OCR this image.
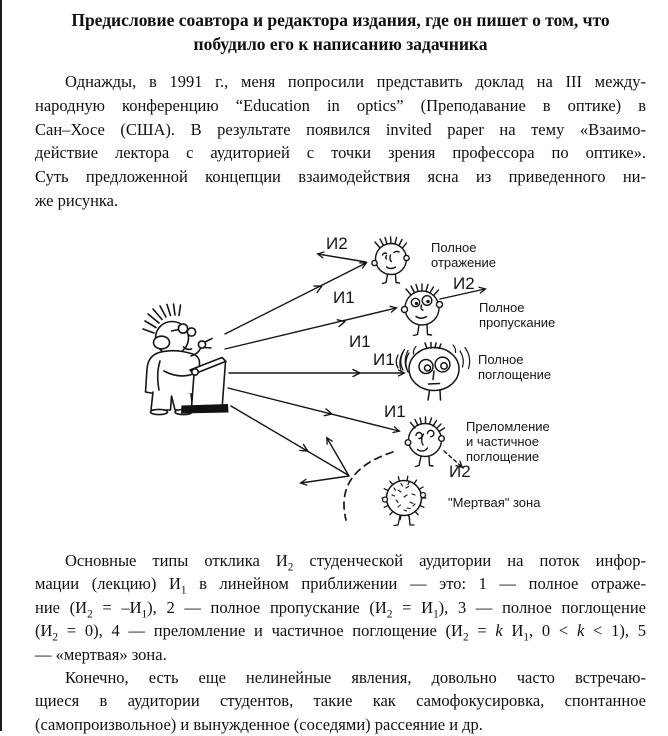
Предисловие соавтора и редактора издания, где он пишет о том, что
побудило его к написанию задачника
Однажды, в 1991 г., меня попросили представить доклад на III между-
народную конференцию “Education in optics” (Преподавание в оптике) в
Сан–Хосе (США). В результате появился invited paper на тему «Взаимо-
действие лектора с аудиторией с точки зрения профессора по оптике».
Суть предложенной концепции взаимодействия ясна из приведенного ни-
же рисунка.
И2
И1
И2
И1
И1
И1
И2
Полное
отражение
Полное
пропускание
Полное
поглощение
Преломление
и частичное
поглощение
"Мертвая" зона
Основные типы отклика $И_2$ студенческой аудитории на поток инфор-
мации (лекцию) $И_1$ в линейном приближении — это: 1 — полное отраже-
ние $(И_2 = -И_1)$, 2 — полное пропускание $(И_2 = И_1)$, 3 — полное поглощение
$(И_2 = 0)$, 4 — преломление и частичное поглощение ($И_2 = k$ $И_1$, 0 < k < 1), 5
— «мертвая» зона.
Конечно, есть еще нелинейные явления, довольно часто встречаю-
щиеся в аудитории студентов, такие как самофокусировка, спонтанное
(самопроизвольное) и вынужденное (соседями) рассеяние и др.
